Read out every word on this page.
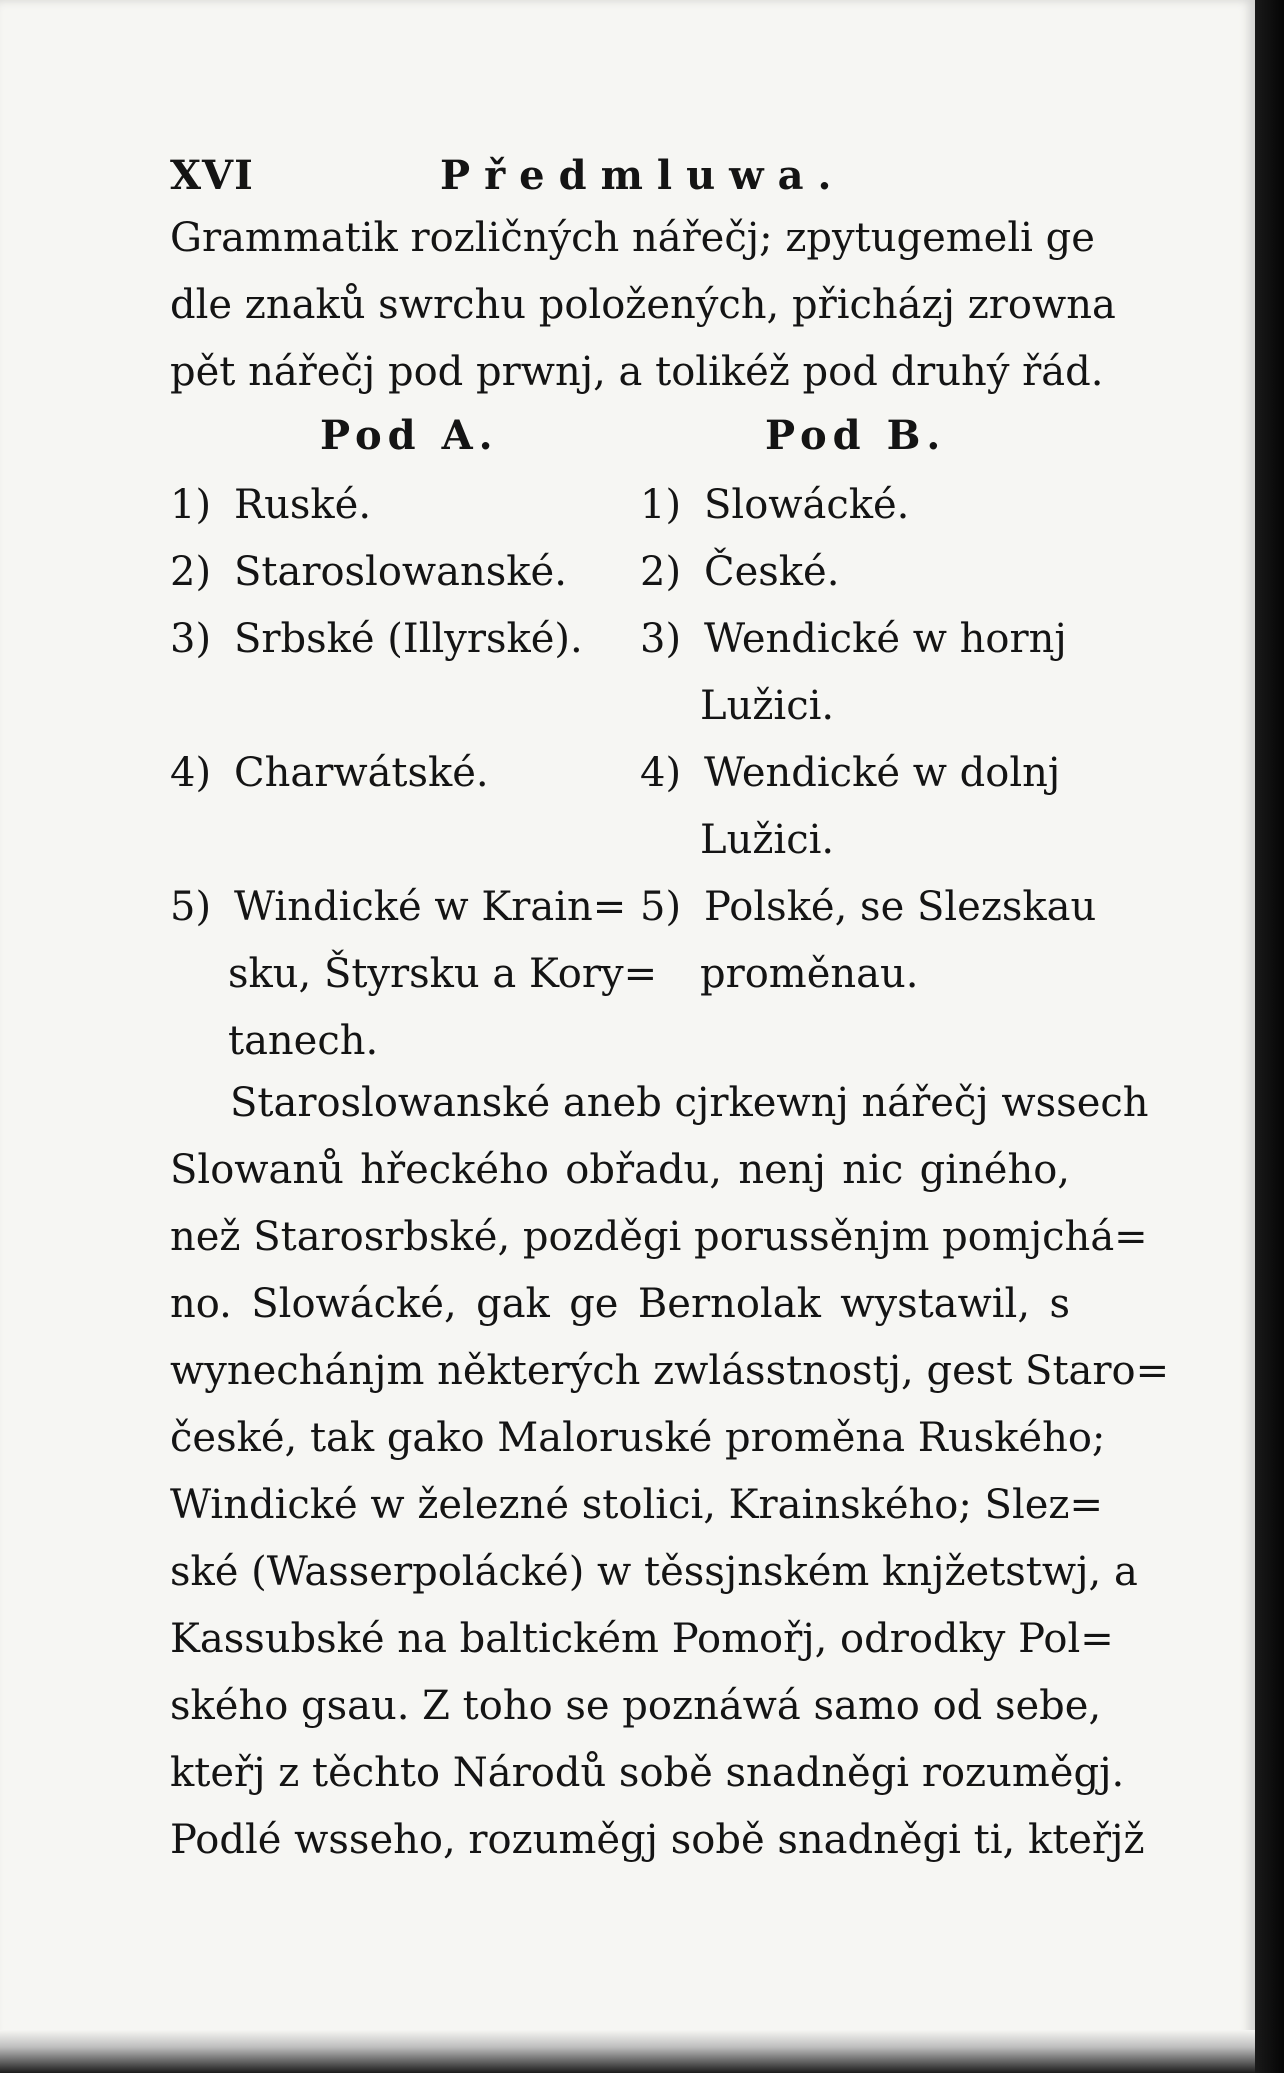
XVI	Předmluwa.
Grammatik rozličných nářečj; zpytugemeli ge
dle znaků swrchu položených, přicházj zrowna
pět nářečj pod prwnj, a tolikéž pod druhý řád.
Pod A.	Pod B.
1) Ruské.
2) Staroslowanské.
3) Srbské (Illyrské).
4) Charwátské.
5) Windické w Krain=
sku, Štyrsku a Kory=
tanech.
1) Slowácké.
2) České.
3) Wendické w hornj
Lužici.
4) Wendické w dolnj
Lužici.
5) Polské, se Slezskau
proměnau.
Staroslowanské aneb cjrkewnj nářečj wssech
Slowanů hřeckého obřadu, nenj nic giného,
než Starosrbské, pozděgi porussěnjm pomjchá=
no. Slowácké, gak ge Bernolak wystawil, s
wynechánjm některých zwlásstnostj, gest Staro=
české, tak gako Maloruské proměna Ruského;
Windické w železné stolici, Krainského; Slez=
ské (Wasserpolácké) w těssjnském knjžetstwj, a
Kassubské na baltickém Pomořj, odrodky Pol=
ského gsau. Z toho se poznáwá samo od sebe,
kteřj z těchto Národů sobě snadněgi rozuměgj.
Podlé wsseho, rozuměgj sobě snadněgi ti, kteřjž
